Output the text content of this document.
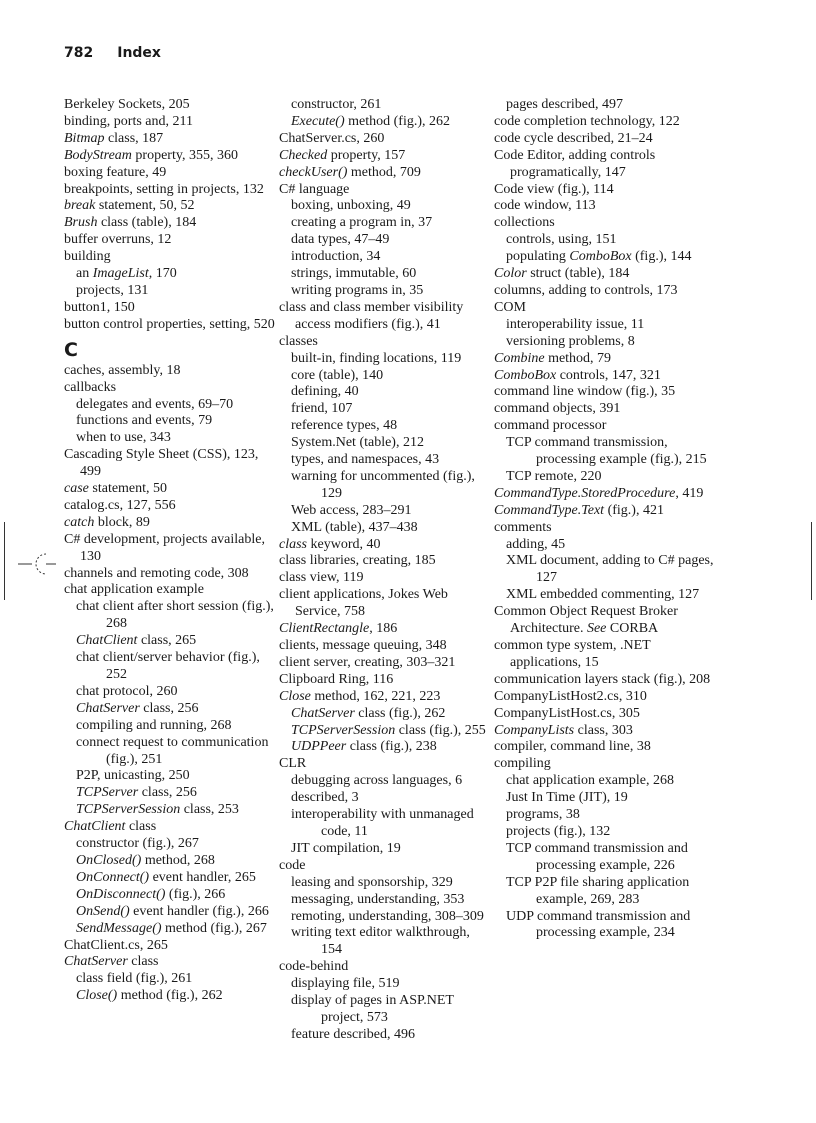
782 Index
Berkeley Sockets, 205
binding, ports and, 211
Bitmap class, 187
BodyStream property, 355, 360
boxing feature, 49
breakpoints, setting in projects, 132
break statement, 50, 52
Brush class (table), 184
buffer overruns, 12
building
an ImageList, 170
projects, 131
button1, 150
button control properties, setting, 520
C
caches, assembly, 18
callbacks
delegates and events, 69–70
functions and events, 79
when to use, 343
Cascading Style Sheet (CSS), 123, 499
case statement, 50
catalog.cs, 127, 556
catch block, 89
C# development, projects available, 130
channels and remoting code, 308
chat application example
chat client after short session (fig.), 268
ChatClient class, 265
chat client/server behavior (fig.), 252
chat protocol, 260
ChatServer class, 256
compiling and running, 268
connect request to communication (fig.), 251
P2P, unicasting, 250
TCPServer class, 256
TCPServerSession class, 253
ChatClient class
constructor (fig.), 267
OnClosed() method, 268
OnConnect() event handler, 265
OnDisconnect() (fig.), 266
OnSend() event handler (fig.), 266
SendMessage() method (fig.), 267
ChatClient.cs, 265
ChatServer class
class field (fig.), 261
Close() method (fig.), 262
constructor, 261
Execute() method (fig.), 262
ChatServer.cs, 260
Checked property, 157
checkUser() method, 709
C# language
boxing, unboxing, 49
creating a program in, 37
data types, 47–49
introduction, 34
strings, immutable, 60
writing programs in, 35
class and class member visibility access modifiers (fig.), 41
classes
built-in, finding locations, 119
core (table), 140
defining, 40
friend, 107
reference types, 48
System.Net (table), 212
types, and namespaces, 43
warning for uncommented (fig.), 129
Web access, 283–291
XML (table), 437–438
class keyword, 40
class libraries, creating, 185
class view, 119
client applications, Jokes Web Service, 758
ClientRectangle, 186
clients, message queuing, 348
client server, creating, 303–321
Clipboard Ring, 116
Close method, 162, 221, 223
ChatServer class (fig.), 262
TCPServerSession class (fig.), 255
UDPPeer class (fig.), 238
CLR
debugging across languages, 6
described, 3
interoperability with unmanaged code, 11
JIT compilation, 19
code
leasing and sponsorship, 329
messaging, understanding, 353
remoting, understanding, 308–309
writing text editor walkthrough, 154
code-behind
displaying file, 519
display of pages in ASP.NET project, 573
feature described, 496
pages described, 497
code completion technology, 122
code cycle described, 21–24
Code Editor, adding controls programatically, 147
Code view (fig.), 114
code window, 113
collections
controls, using, 151
populating ComboBox (fig.), 144
Color struct (table), 184
columns, adding to controls, 173
COM
interoperability issue, 11
versioning problems, 8
Combine method, 79
ComboBox controls, 147, 321
command line window (fig.), 35
command objects, 391
command processor
TCP command transmission, processing example (fig.), 215
TCP remote, 220
CommandType.StoredProcedure, 419
CommandType.Text (fig.), 421
comments
adding, 45
XML document, adding to C# pages, 127
XML embedded commenting, 127
Common Object Request Broker Architecture. See CORBA
common type system, .NET applications, 15
communication layers stack (fig.), 208
CompanyListHost2.cs, 310
CompanyListHost.cs, 305
CompanyLists class, 303
compiler, command line, 38
compiling
chat application example, 268
Just In Time (JIT), 19
programs, 38
projects (fig.), 132
TCP command transmission and processing example, 226
TCP P2P file sharing application example, 269, 283
UDP command transmission and processing example, 234
